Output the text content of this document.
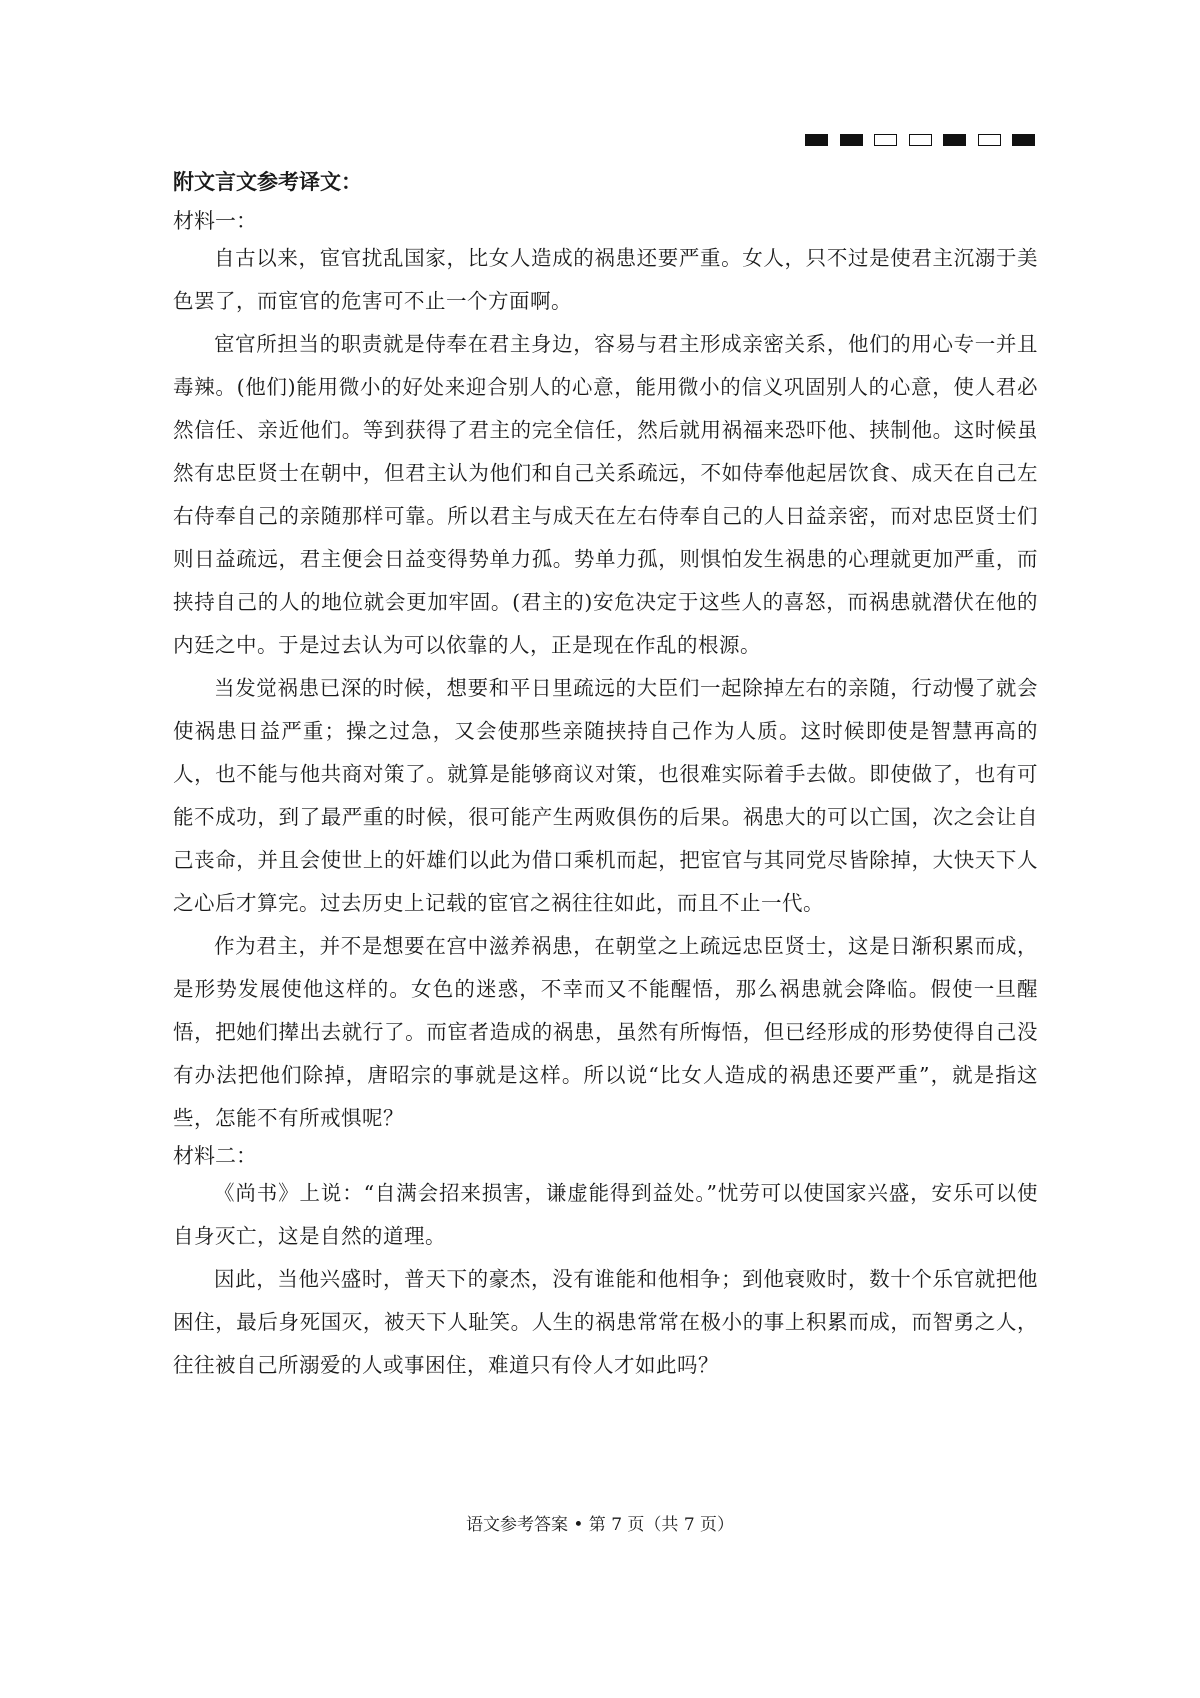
附文言文参考译文：
材料一：

自古以来，宦官扰乱国家，比女人造成的祸患还要严重。女人，只不过是使君主沉溺于美色罢了，而宦官的危害可不止一个方面啊。

宦官所担当的职责就是侍奉在君主身边，容易与君主形成亲密关系，他们的用心专一并且毒辣。(他们)能用微小的好处来迎合别人的心意，能用微小的信义巩固别人的心意，使人君必然信任、亲近他们。等到获得了君主的完全信任，然后就用祸福来恐吓他、挟制他。这时候虽然有忠臣贤士在朝中，但君主认为他们和自己关系疏远，不如侍奉他起居饮食、成天在自己左右侍奉自己的亲随那样可靠。所以君主与成天在左右侍奉自己的人日益亲密，而对忠臣贤士们则日益疏远，君主便会日益变得势单力孤。势单力孤，则惧怕发生祸患的心理就更加严重，而挟持自己的人的地位就会更加牢固。(君主的)安危决定于这些人的喜怒，而祸患就潜伏在他的内廷之中。于是过去认为可以依靠的人，正是现在作乱的根源。

当发觉祸患已深的时候，想要和平日里疏远的大臣们一起除掉左右的亲随，行动慢了就会使祸患日益严重；操之过急，又会使那些亲随挟持自己作为人质。这时候即使是智慧再高的人，也不能与他共商对策了。就算是能够商议对策，也很难实际着手去做。即使做了，也有可能不成功，到了最严重的时候，很可能产生两败俱伤的后果。祸患大的可以亡国，次之会让自己丧命，并且会使世上的奸雄们以此为借口乘机而起，把宦官与其同党尽皆除掉，大快天下人之心后才算完。过去历史上记载的宦官之祸往往如此，而且不止一代。

作为君主，并不是想要在宫中滋养祸患，在朝堂之上疏远忠臣贤士，这是日渐积累而成，是形势发展使他这样的。女色的迷惑，不幸而又不能醒悟，那么祸患就会降临。假使一旦醒悟，把她们撵出去就行了。而宦者造成的祸患，虽然有所悔悟，但已经形成的形势使得自己没有办法把他们除掉，唐昭宗的事就是这样。所以说“比女人造成的祸患还要严重”，就是指这些，怎能不有所戒惧呢？

材料二：

《尚书》上说：“自满会招来损害，谦虚能得到益处。”忧劳可以使国家兴盛，安乐可以使自身灭亡，这是自然的道理。

因此，当他兴盛时，普天下的豪杰，没有谁能和他相争；到他衰败时，数十个乐官就把他困住，最后身死国灭，被天下人耻笑。人生的祸患常常在极小的事上积累而成，而智勇之人，往往被自己所溺爱的人或事困住，难道只有伶人才如此吗？

语文参考答案 • 第 7 页（共 7 页）
